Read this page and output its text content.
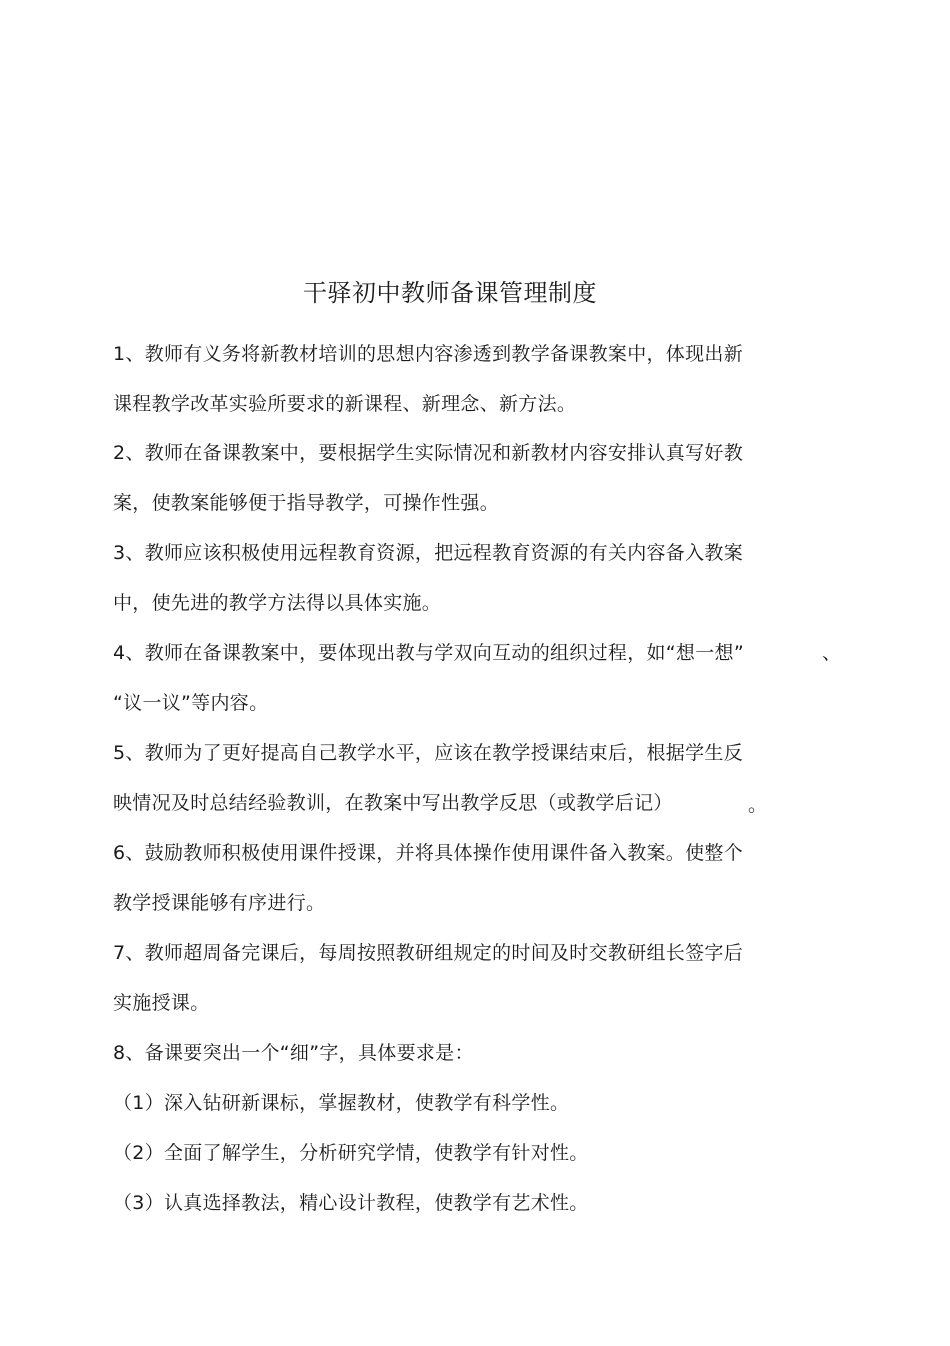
干驿初中教师备课管理制度
1、教师有义务将新教材培训的思想内容渗透到教学备课教案中，体现出新
课程教学改革实验所要求的新课程、新理念、新方法。
2、教师在备课教案中，要根据学生实际情况和新教材内容安排认真写好教
案，使教案能够便于指导教学，可操作性强。
3、教师应该积极使用远程教育资源，把远程教育资源的有关内容备入教案
中，使先进的教学方法得以具体实施。
4、教师在备课教案中，要体现出教与学双向互动的组织过程，如“想一想”	、
“议一议”等内容。
5、教师为了更好提高自己教学水平，应该在教学授课结束后，根据学生反
映情况及时总结经验教训，在教案中写出教学反思（或教学后记）	。
6、鼓励教师积极使用课件授课，并将具体操作使用课件备入教案。使整个
教学授课能够有序进行。
7、教师超周备完课后，每周按照教研组规定的时间及时交教研组长签字后
实施授课。
8、备课要突出一个“细”字，具体要求是：
（1）深入钻研新课标，掌握教材，使教学有科学性。
（2）全面了解学生，分析研究学情，使教学有针对性。
（3）认真选择教法，精心设计教程，使教学有艺术性。
